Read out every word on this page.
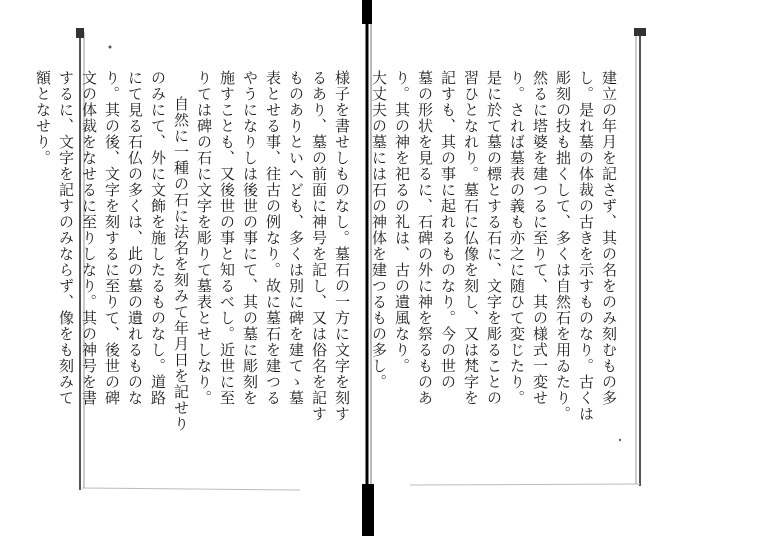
様子を書せしものなし。墓石の一方に文字を刻す

るあり、墓の前面に神号を記し、又は俗名を記す

ものありといへども、多くは別に碑を建てゝ墓

表とせる事、往古の例なり。故に墓石を建つる

やうになりしは後世の事にて、其の墓に彫刻を

施すことも、又後世の事と知るべし。近世に至

りては碑の石に文字を彫りて墓表とせしなり。

自然に一種の石に法名を刻みて年月日を記せり

のみにて、外に文飾を施したるものなし。道路

にて見る石仏の多くは、此の墓の遺れるものな

り。其の後、文字を刻するに至りて、後世の碑

文の体裁をなせるに至りしなり。其の神号を書

するに、文字を記すのみならず、像をも刻みて

額となせり。	建立の年月を記さず、其の名をのみ刻むもの多

し。是れ墓の体裁の古きを示すものなり。古くは

彫刻の技も拙くして、多くは自然石を用ゐたり。

然るに塔婆を建つるに至りて、其の様式一変せ

り。されば墓表の義も亦之に随ひて変じたり。

是に於て墓の標とする石に、文字を彫ることの

習ひとなれり。墓石に仏像を刻し、又は梵字を

記すも、其の事に起れるものなり。今の世の

墓の形状を見るに、石碑の外に神を祭るものあ

り。其の神を祀るの礼は、古の遺風なり。

大丈夫の墓には石の神体を建つるもの多し。
